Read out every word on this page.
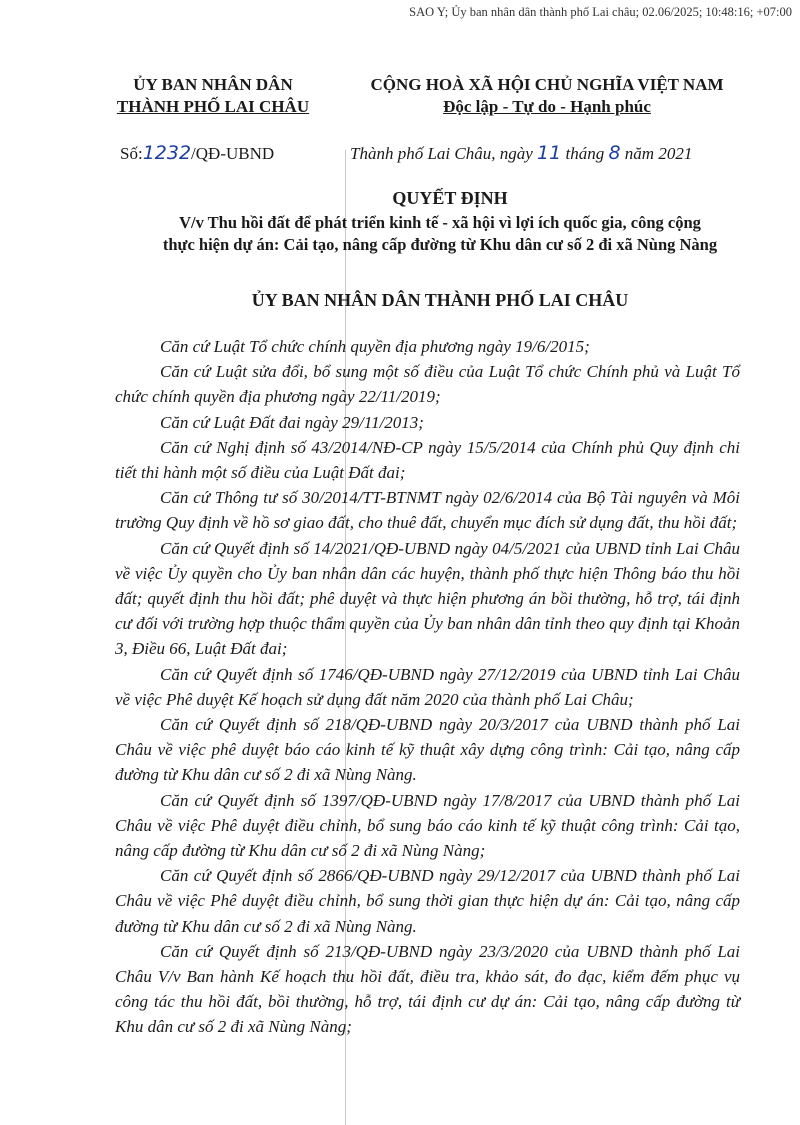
SAO Y; Ủy ban nhân dân thành phố Lai châu; 02.06/2025; 10:48:16; +07:00
ỦY BAN NHÂN DÂN
THÀNH PHỐ LAI CHÂU
CỘNG HOÀ XÃ HỘI CHỦ NGHĨA VIỆT NAM
Độc lập - Tự do - Hạnh phúc
Số:1232/QĐ-UBND	Thành phố Lai Châu, ngày 11 tháng 8 năm 2021
QUYẾT ĐỊNH
V/v Thu hồi đất để phát triển kinh tế - xã hội vì lợi ích quốc gia, công cộng
thực hiện dự án: Cải tạo, nâng cấp đường từ Khu dân cư số 2 đi xã Nùng Nàng
ỦY BAN NHÂN DÂN THÀNH PHỐ LAI CHÂU

Căn cứ Luật Tổ chức chính quyền địa phương ngày 19/6/2015;

Căn cứ Luật sửa đổi, bổ sung một số điều của Luật Tổ chức Chính phủ và Luật Tổ chức chính quyền địa phương ngày 22/11/2019;

Căn cứ Luật Đất đai ngày 29/11/2013;

Căn cứ Nghị định số 43/2014/NĐ-CP ngày 15/5/2014 của Chính phủ Quy định chi tiết thi hành một số điều của Luật Đất đai;

Căn cứ Thông tư số 30/2014/TT-BTNMT ngày 02/6/2014 của Bộ Tài nguyên và Môi trường Quy định về hồ sơ giao đất, cho thuê đất, chuyển mục đích sử dụng đất, thu hồi đất;

Căn cứ Quyết định số 14/2021/QĐ-UBND ngày 04/5/2021 của UBND tỉnh Lai Châu về việc Ủy quyền cho Ủy ban nhân dân các huyện, thành phố thực hiện Thông báo thu hồi đất; quyết định thu hồi đất; phê duyệt và thực hiện phương án bồi thường, hỗ trợ, tái định cư đối với trường hợp thuộc thẩm quyền của Ủy ban nhân dân tỉnh theo quy định tại Khoản 3, Điều 66, Luật Đất đai;

Căn cứ Quyết định số 1746/QĐ-UBND ngày 27/12/2019 của UBND tỉnh Lai Châu về việc Phê duyệt Kế hoạch sử dụng đất năm 2020 của thành phố Lai Châu;

Căn cứ Quyết định số 218/QĐ-UBND ngày 20/3/2017 của UBND thành phố Lai Châu về việc phê duyệt báo cáo kinh tế kỹ thuật xây dựng công trình: Cải tạo, nâng cấp đường từ Khu dân cư số 2 đi xã Nùng Nàng.

Căn cứ Quyết định số 1397/QĐ-UBND ngày 17/8/2017 của UBND thành phố Lai Châu về việc Phê duyệt điều chỉnh, bổ sung báo cáo kinh tế kỹ thuật công trình: Cải tạo, nâng cấp đường từ Khu dân cư số 2 đi xã Nùng Nàng;

Căn cứ Quyết định số 2866/QĐ-UBND ngày 29/12/2017 của UBND thành phố Lai Châu về việc Phê duyệt điều chỉnh, bổ sung thời gian thực hiện dự án: Cải tạo, nâng cấp đường từ Khu dân cư số 2 đi xã Nùng Nàng.

Căn cứ Quyết định số 213/QĐ-UBND ngày 23/3/2020 của UBND thành phố Lai Châu V/v Ban hành Kế hoạch thu hồi đất, điều tra, khảo sát, đo đạc, kiểm đếm phục vụ công tác thu hồi đất, bồi thường, hỗ trợ, tái định cư dự án: Cải tạo, nâng cấp đường từ Khu dân cư số 2 đi xã Nùng Nàng;
